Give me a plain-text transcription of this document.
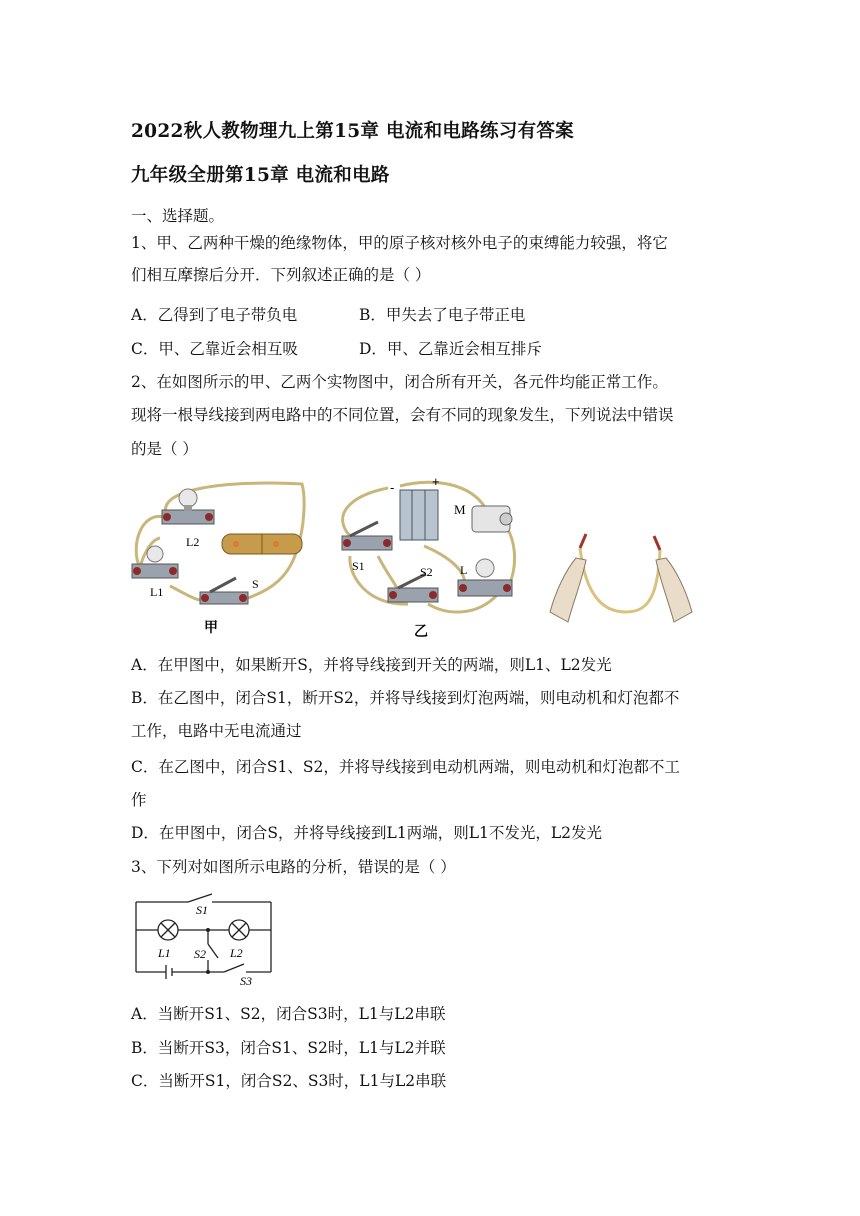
2022秋人教物理九上第15章 电流和电路练习有答案
九年级全册第15章 电流和电路
一、选择题。
1、甲、乙两种干燥的绝缘物体，甲的原子核对核外电子的束缚能力较强，将它
们相互摩擦后分开．下列叙述正确的是（ ）
A．乙得到了电子带负电	B．甲失去了电子带正电
C．甲、乙靠近会相互吸	D．甲、乙靠近会相互排斥
2、在如图所示的甲、乙两个实物图中，闭合所有开关，各元件均能正常工作。
现将一根导线接到两电路中的不同位置，会有不同的现象发生，下列说法中错误
的是（ ）
L2
L1
S
甲
-	+
M
S1	S2 L
乙
A．在甲图中，如果断开S，并将导线接到开关的两端，则L1、L2发光
B．在乙图中，闭合S1，断开S2，并将导线接到灯泡两端，则电动机和灯泡都不
工作，电路中无电流通过
C．在乙图中，闭合S1、S2，并将导线接到电动机两端，则电动机和灯泡都不工
作
D．在甲图中，闭合S，并将导线接到L1两端，则L1不发光，L2发光
3、下列对如图所示电路的分析，错误的是（ ）
S1
L1	L2
S2
S3
A．当断开S1、S2，闭合S3时，L1与L2串联
B．当断开S3，闭合S1、S2时，L1与L2并联
C．当断开S1，闭合S2、S3时，L1与L2串联
